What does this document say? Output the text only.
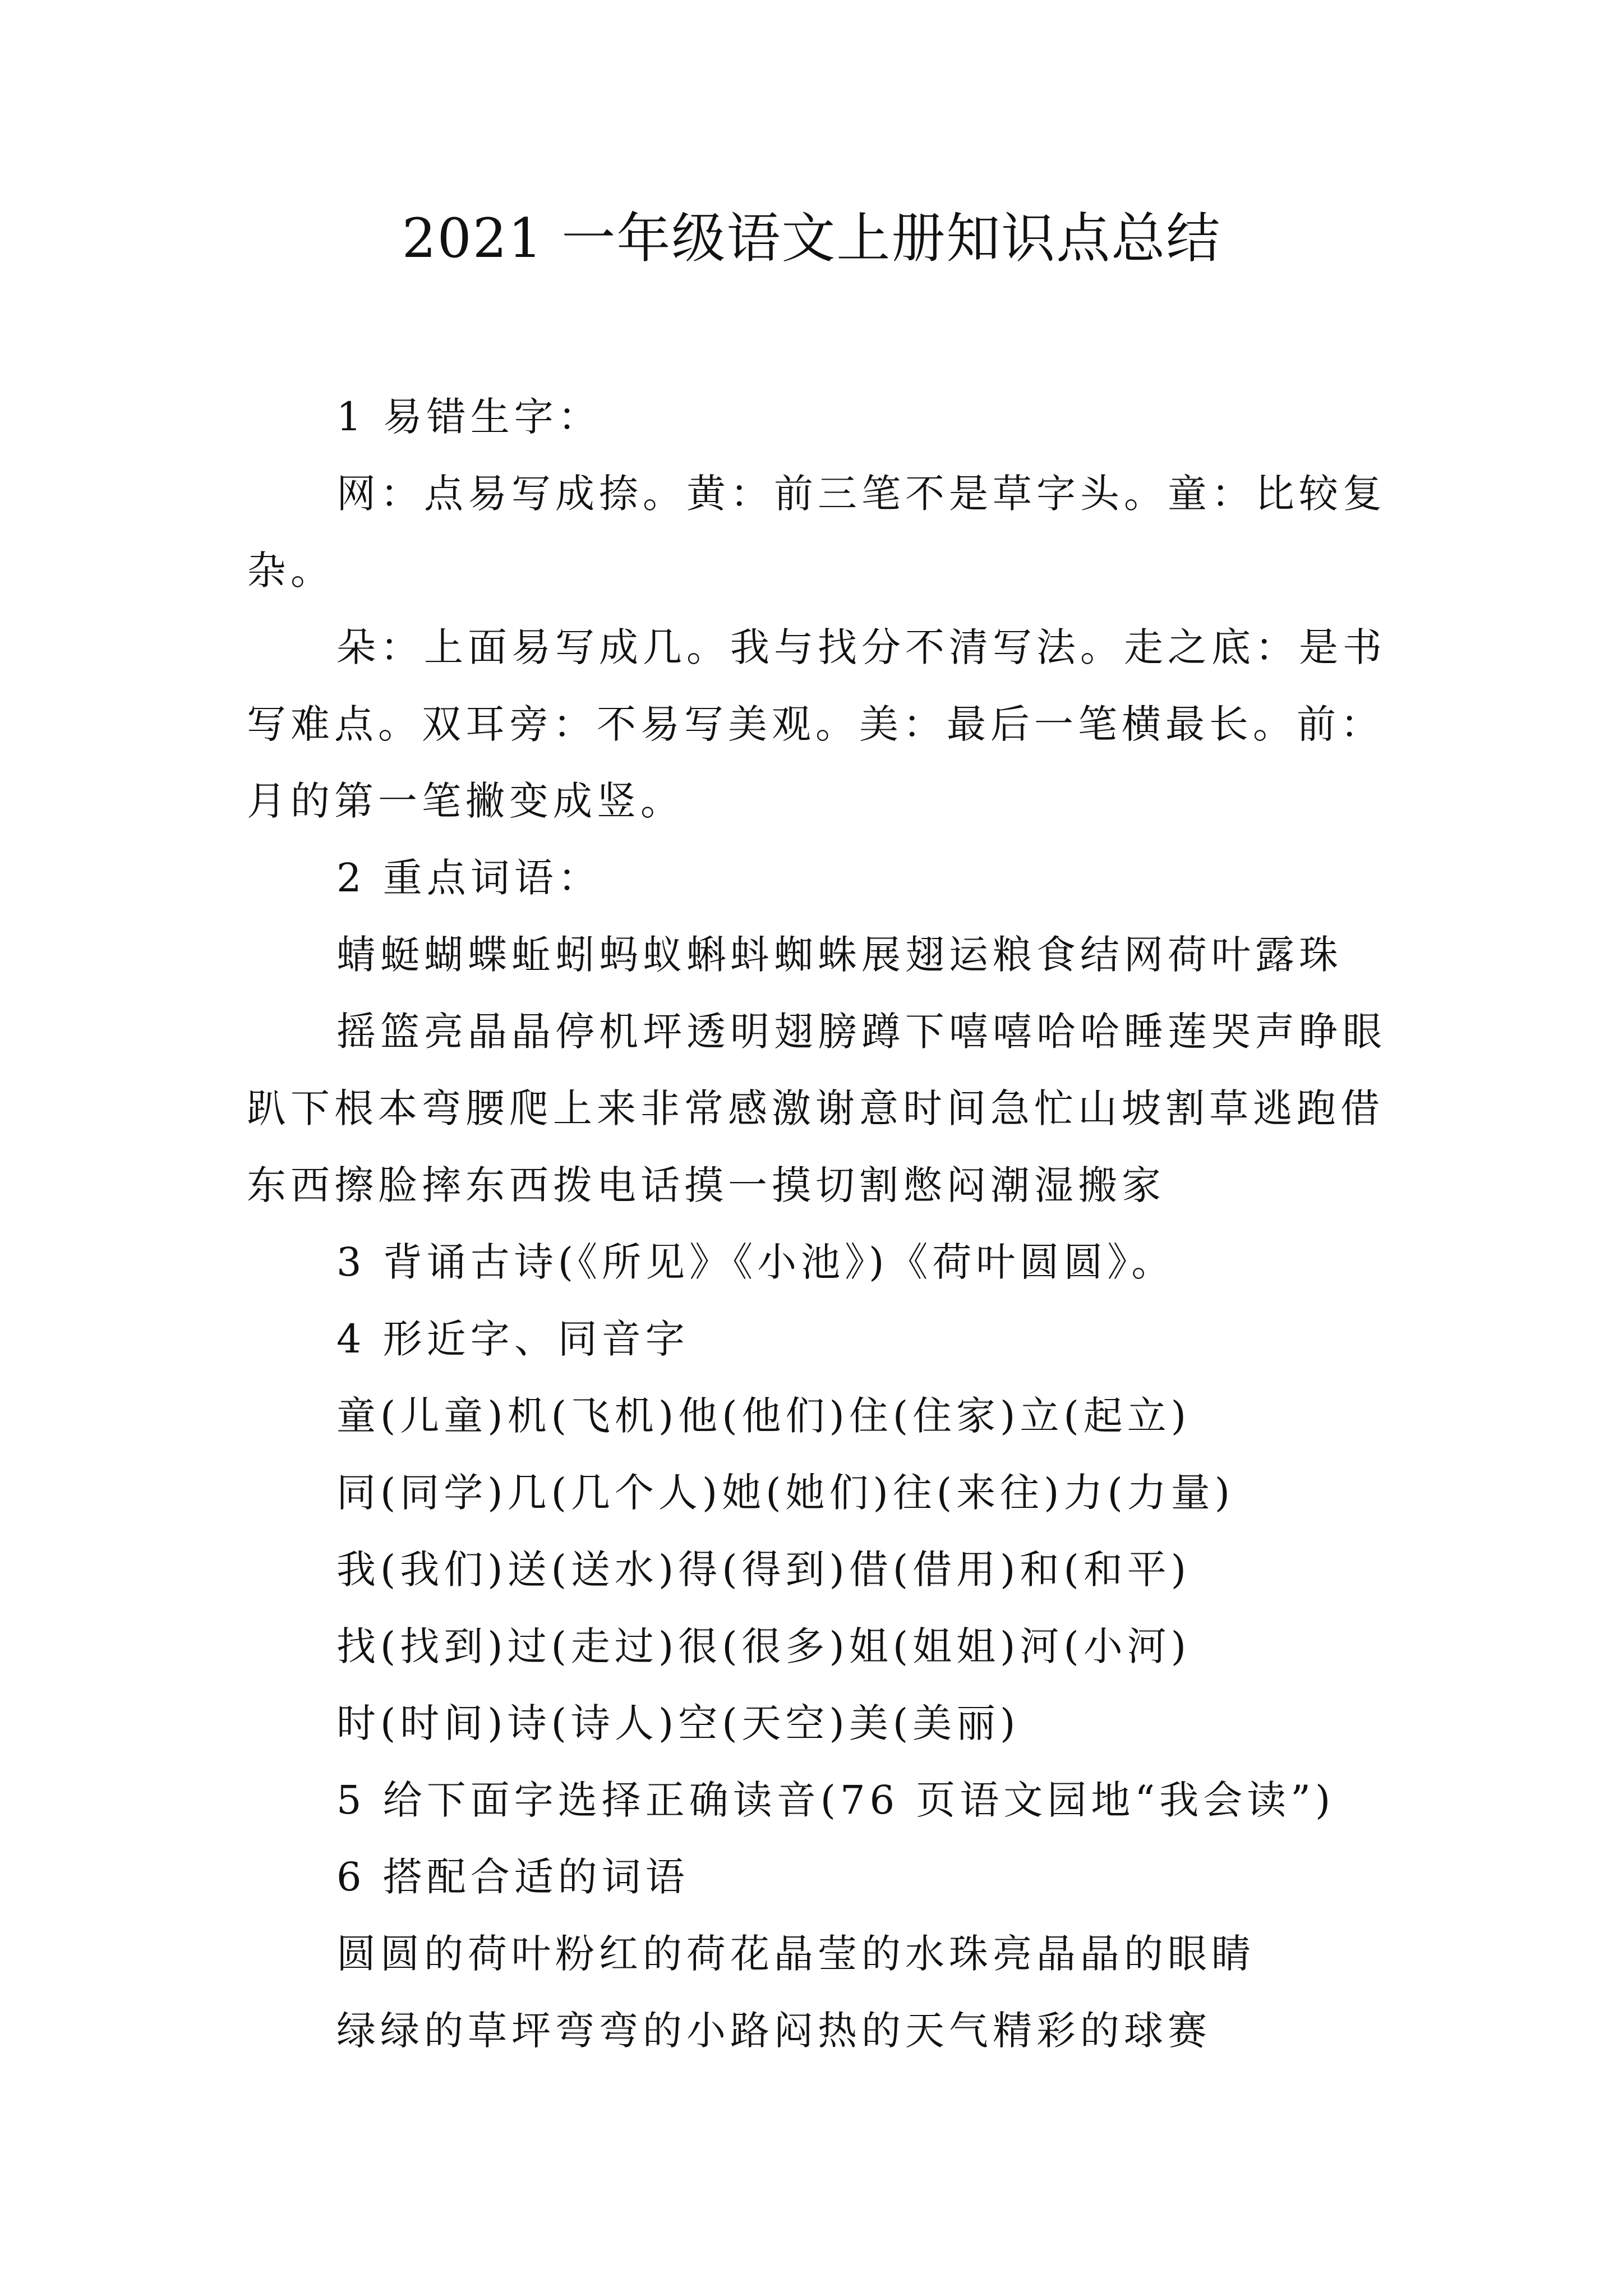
2021 一年级语文上册知识点总结

1 易错生字：

网：点易写成捺。黄：前三笔不是草字头。童：比较复杂。

朵：上面易写成几。我与找分不清写法。走之底：是书写难点。双耳旁：不易写美观。美：最后一笔横最长。前：月的第一笔撇变成竖。

2 重点词语：

蜻蜓蝴蝶蚯蚓蚂蚁蝌蚪蜘蛛展翅运粮食结网荷叶露珠

摇篮亮晶晶停机坪透明翅膀蹲下嘻嘻哈哈睡莲哭声睁眼趴下根本弯腰爬上来非常感激谢意时间急忙山坡割草逃跑借东西擦脸摔东西拨电话摸一摸切割憋闷潮湿搬家

3 背诵古诗(《所见》《小池》)《荷叶圆圆》。

4 形近字、同音字

童(儿童)机(飞机)他(他们)住(住家)立(起立)

同(同学)几(几个人)她(她们)往(来往)力(力量)

我(我们)送(送水)得(得到)借(借用)和(和平)

找(找到)过(走过)很(很多)姐(姐姐)河(小河)

时(时间)诗(诗人)空(天空)美(美丽)

5 给下面字选择正确读音(76 页语文园地“我会读”)

6 搭配合适的词语

圆圆的荷叶粉红的荷花晶莹的水珠亮晶晶的眼睛

绿绿的草坪弯弯的小路闷热的天气精彩的球赛
